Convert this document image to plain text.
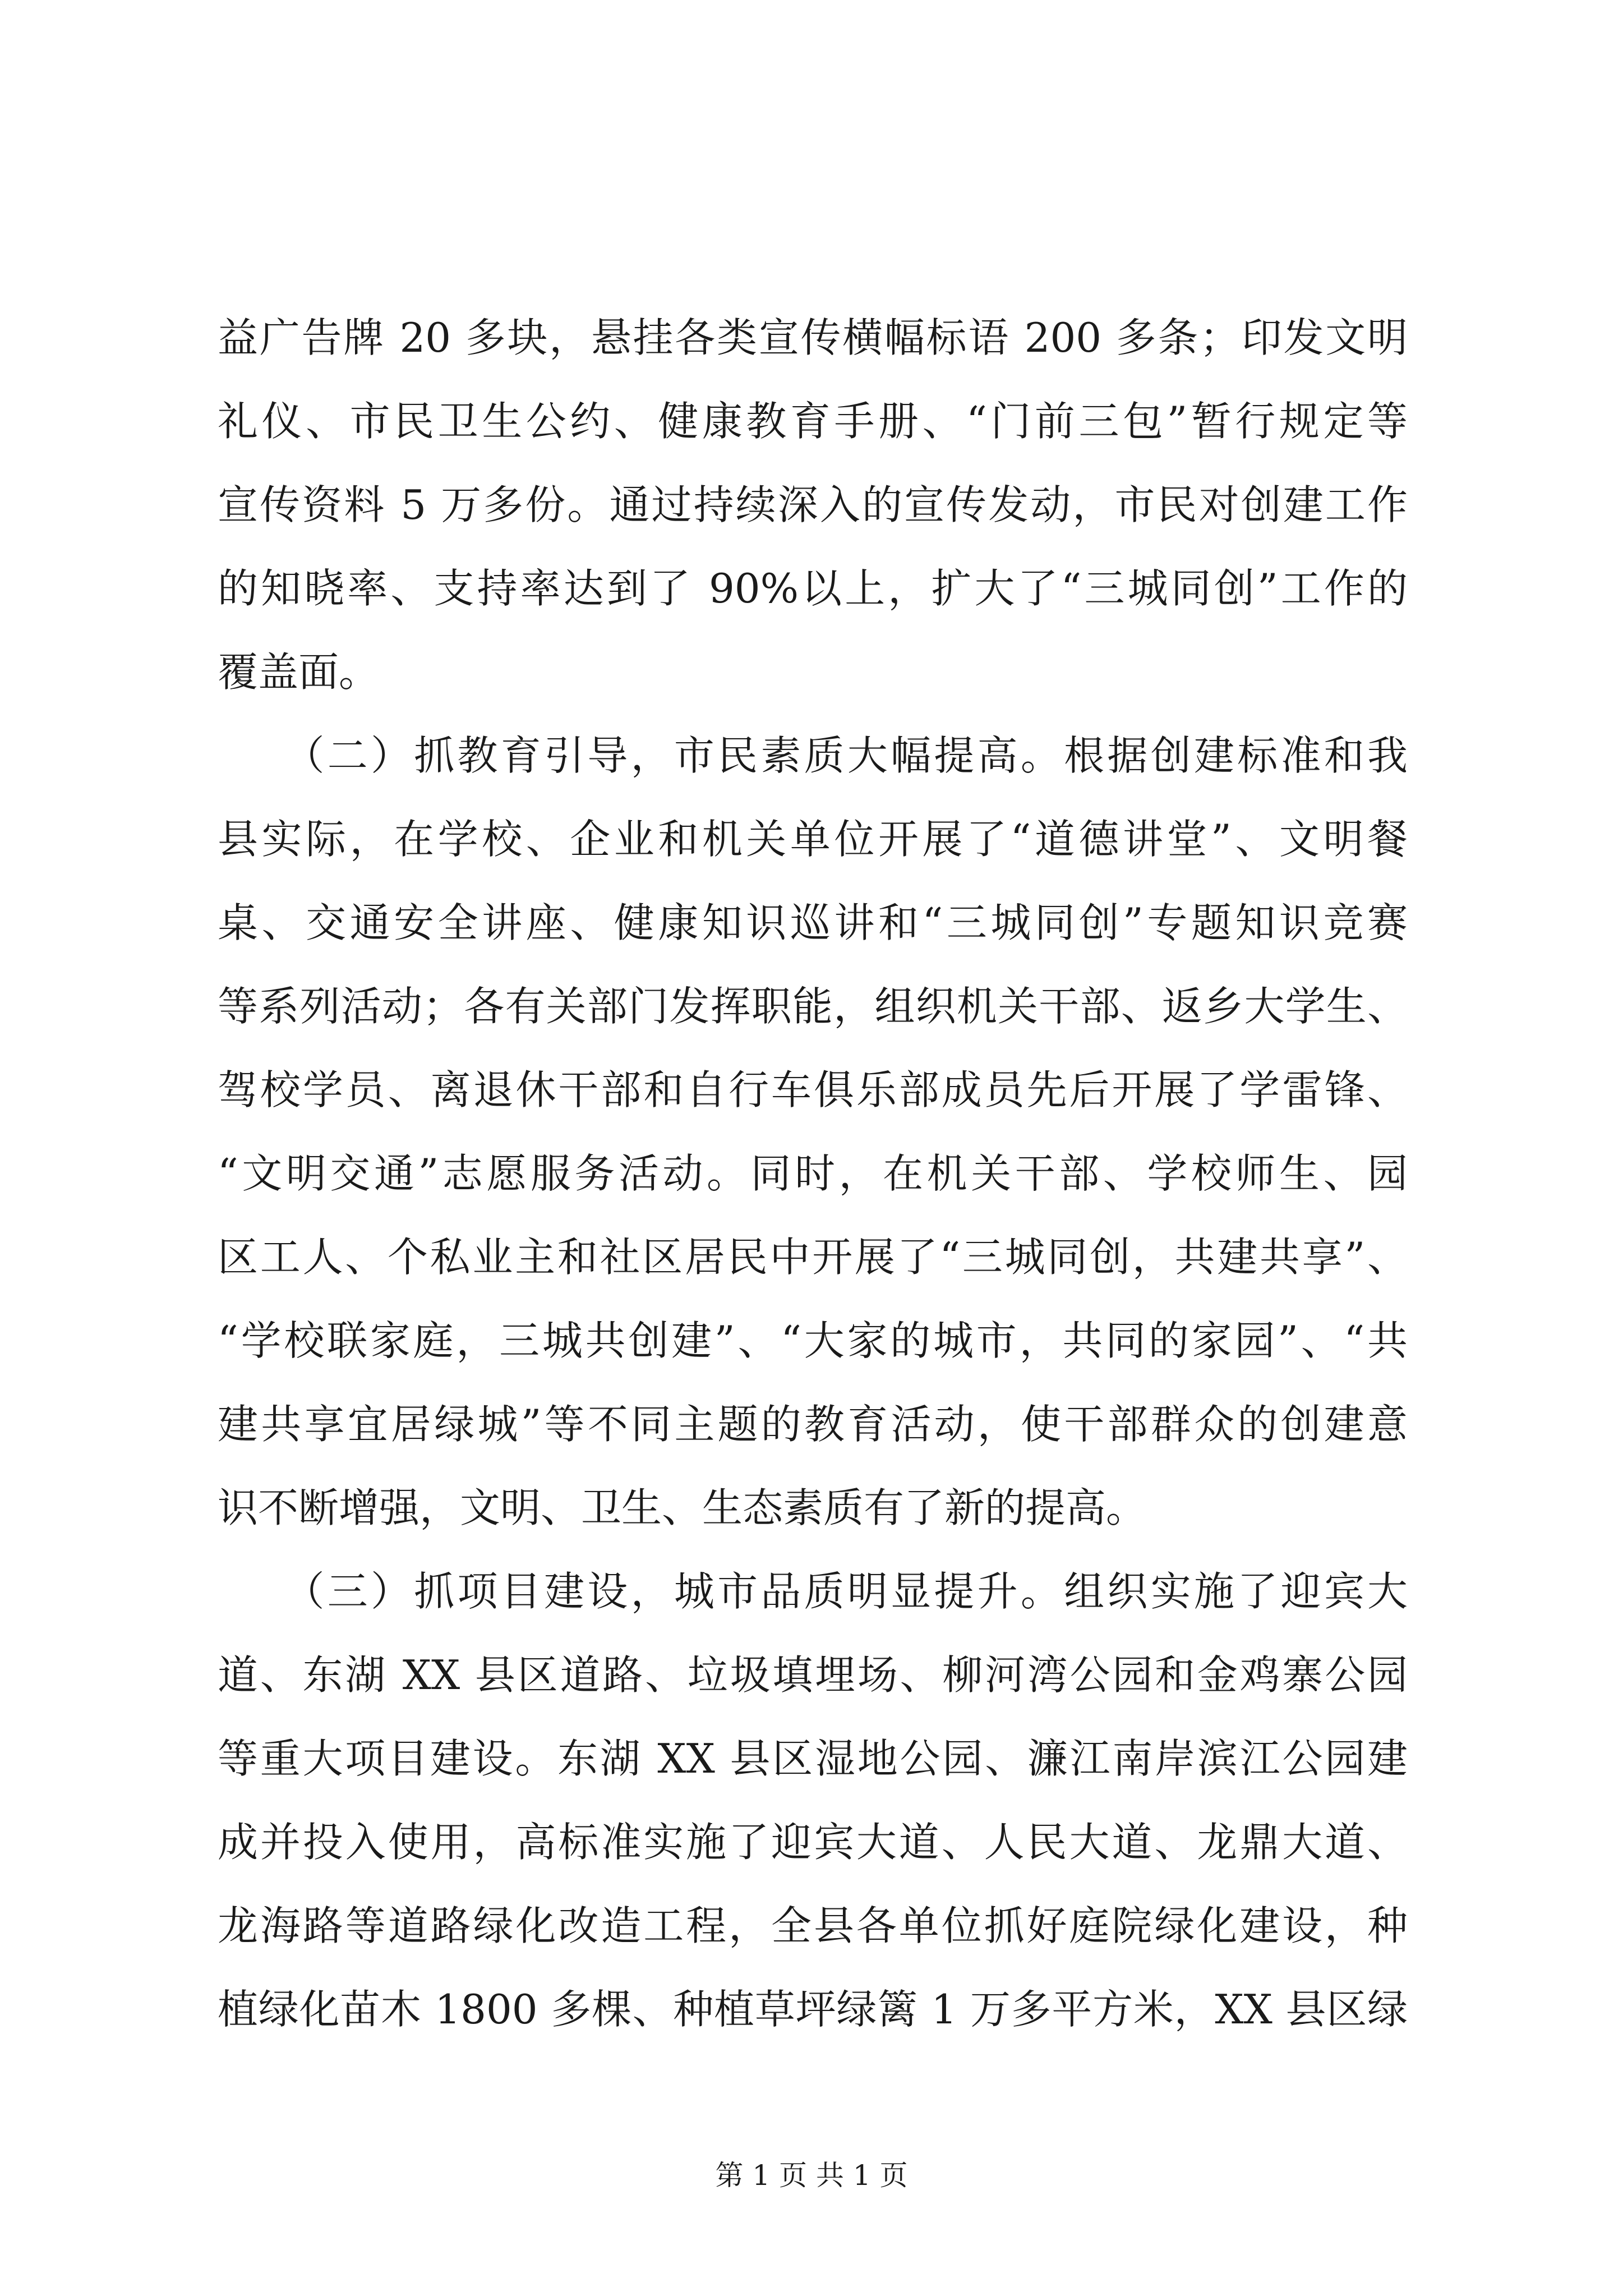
益广告牌 20 多块，悬挂各类宣传横幅标语 200 多条；印发文明
礼仪、市民卫生公约、健康教育手册、“门前三包”暂行规定等
宣传资料 5 万多份。通过持续深入的宣传发动，市民对创建工作
的知晓率、支持率达到了 90%以上，扩大了“三城同创”工作的
覆盖面。
　　（二）抓教育引导，市民素质大幅提高。根据创建标准和我
县实际，在学校、企业和机关单位开展了“道德讲堂”、文明餐
桌、交通安全讲座、健康知识巡讲和“三城同创”专题知识竞赛
等系列活动；各有关部门发挥职能，组织机关干部、返乡大学生、
驾校学员、离退休干部和自行车俱乐部成员先后开展了学雷锋、
“文明交通”志愿服务活动。同时，在机关干部、学校师生、园
区工人、个私业主和社区居民中开展了“三城同创，共建共享”、
“学校联家庭，三城共创建”、“大家的城市，共同的家园”、“共
建共享宜居绿城”等不同主题的教育活动，使干部群众的创建意
识不断增强，文明、卫生、生态素质有了新的提高。
　　（三）抓项目建设，城市品质明显提升。组织实施了迎宾大
道、东湖 XX 县区道路、垃圾填埋场、柳河湾公园和金鸡寨公园
等重大项目建设。东湖 XX 县区湿地公园、濂江南岸滨江公园建
成并投入使用，高标准实施了迎宾大道、人民大道、龙鼎大道、
龙海路等道路绿化改造工程，全县各单位抓好庭院绿化建设，种
植绿化苗木 1800 多棵、种植草坪绿篱 1 万多平方米，XX 县区绿
第 1 页 共 1 页
